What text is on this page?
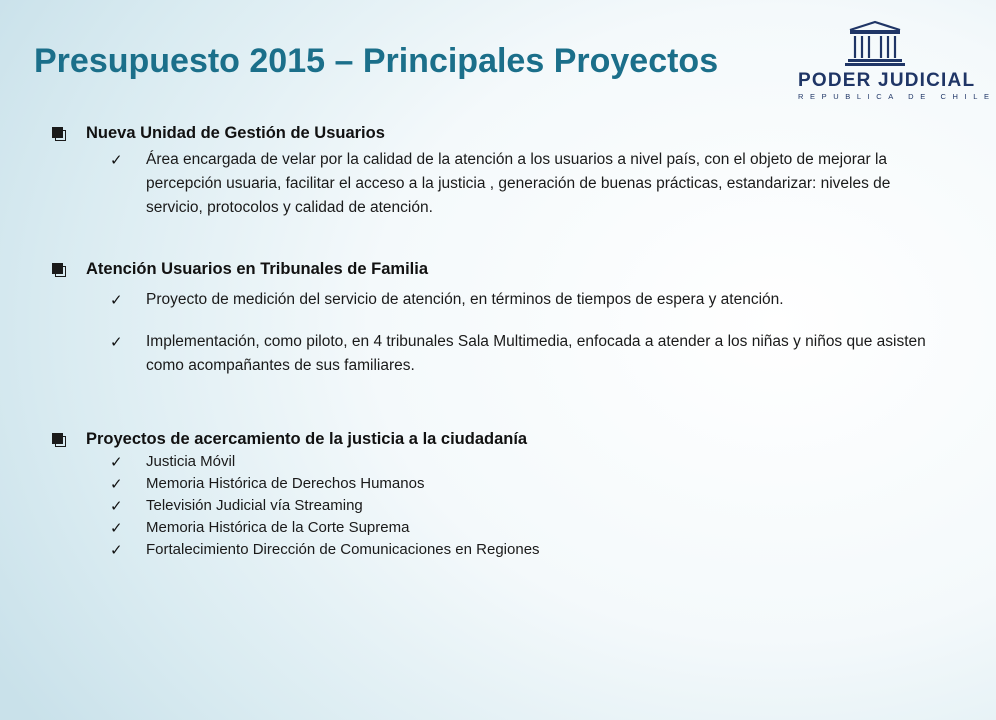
Presupuesto 2015 – Principales Proyectos
PODER JUDICIAL
REPUBLICA DE CHILE
Nueva Unidad de Gestión de Usuarios
✓ Área encargada de velar por la calidad de la atención a los usuarios a nivel país, con el objeto de mejorar la percepción usuaria, facilitar el acceso a la justicia , generación de buenas prácticas, estandarizar: niveles de servicio, protocolos y calidad de atención.
Atención Usuarios en Tribunales de Familia
✓ Proyecto de medición del servicio de atención, en términos de tiempos de espera y atención.
✓ Implementación, como piloto, en 4 tribunales Sala Multimedia, enfocada a atender a los niñas y niños que asisten como acompañantes de sus familiares.
Proyectos de acercamiento de la justicia a la ciudadanía
✓ Justicia Móvil
✓ Memoria Histórica de Derechos Humanos
✓ Televisión Judicial vía Streaming
✓ Memoria Histórica de la Corte Suprema
✓ Fortalecimiento Dirección de Comunicaciones en Regiones
